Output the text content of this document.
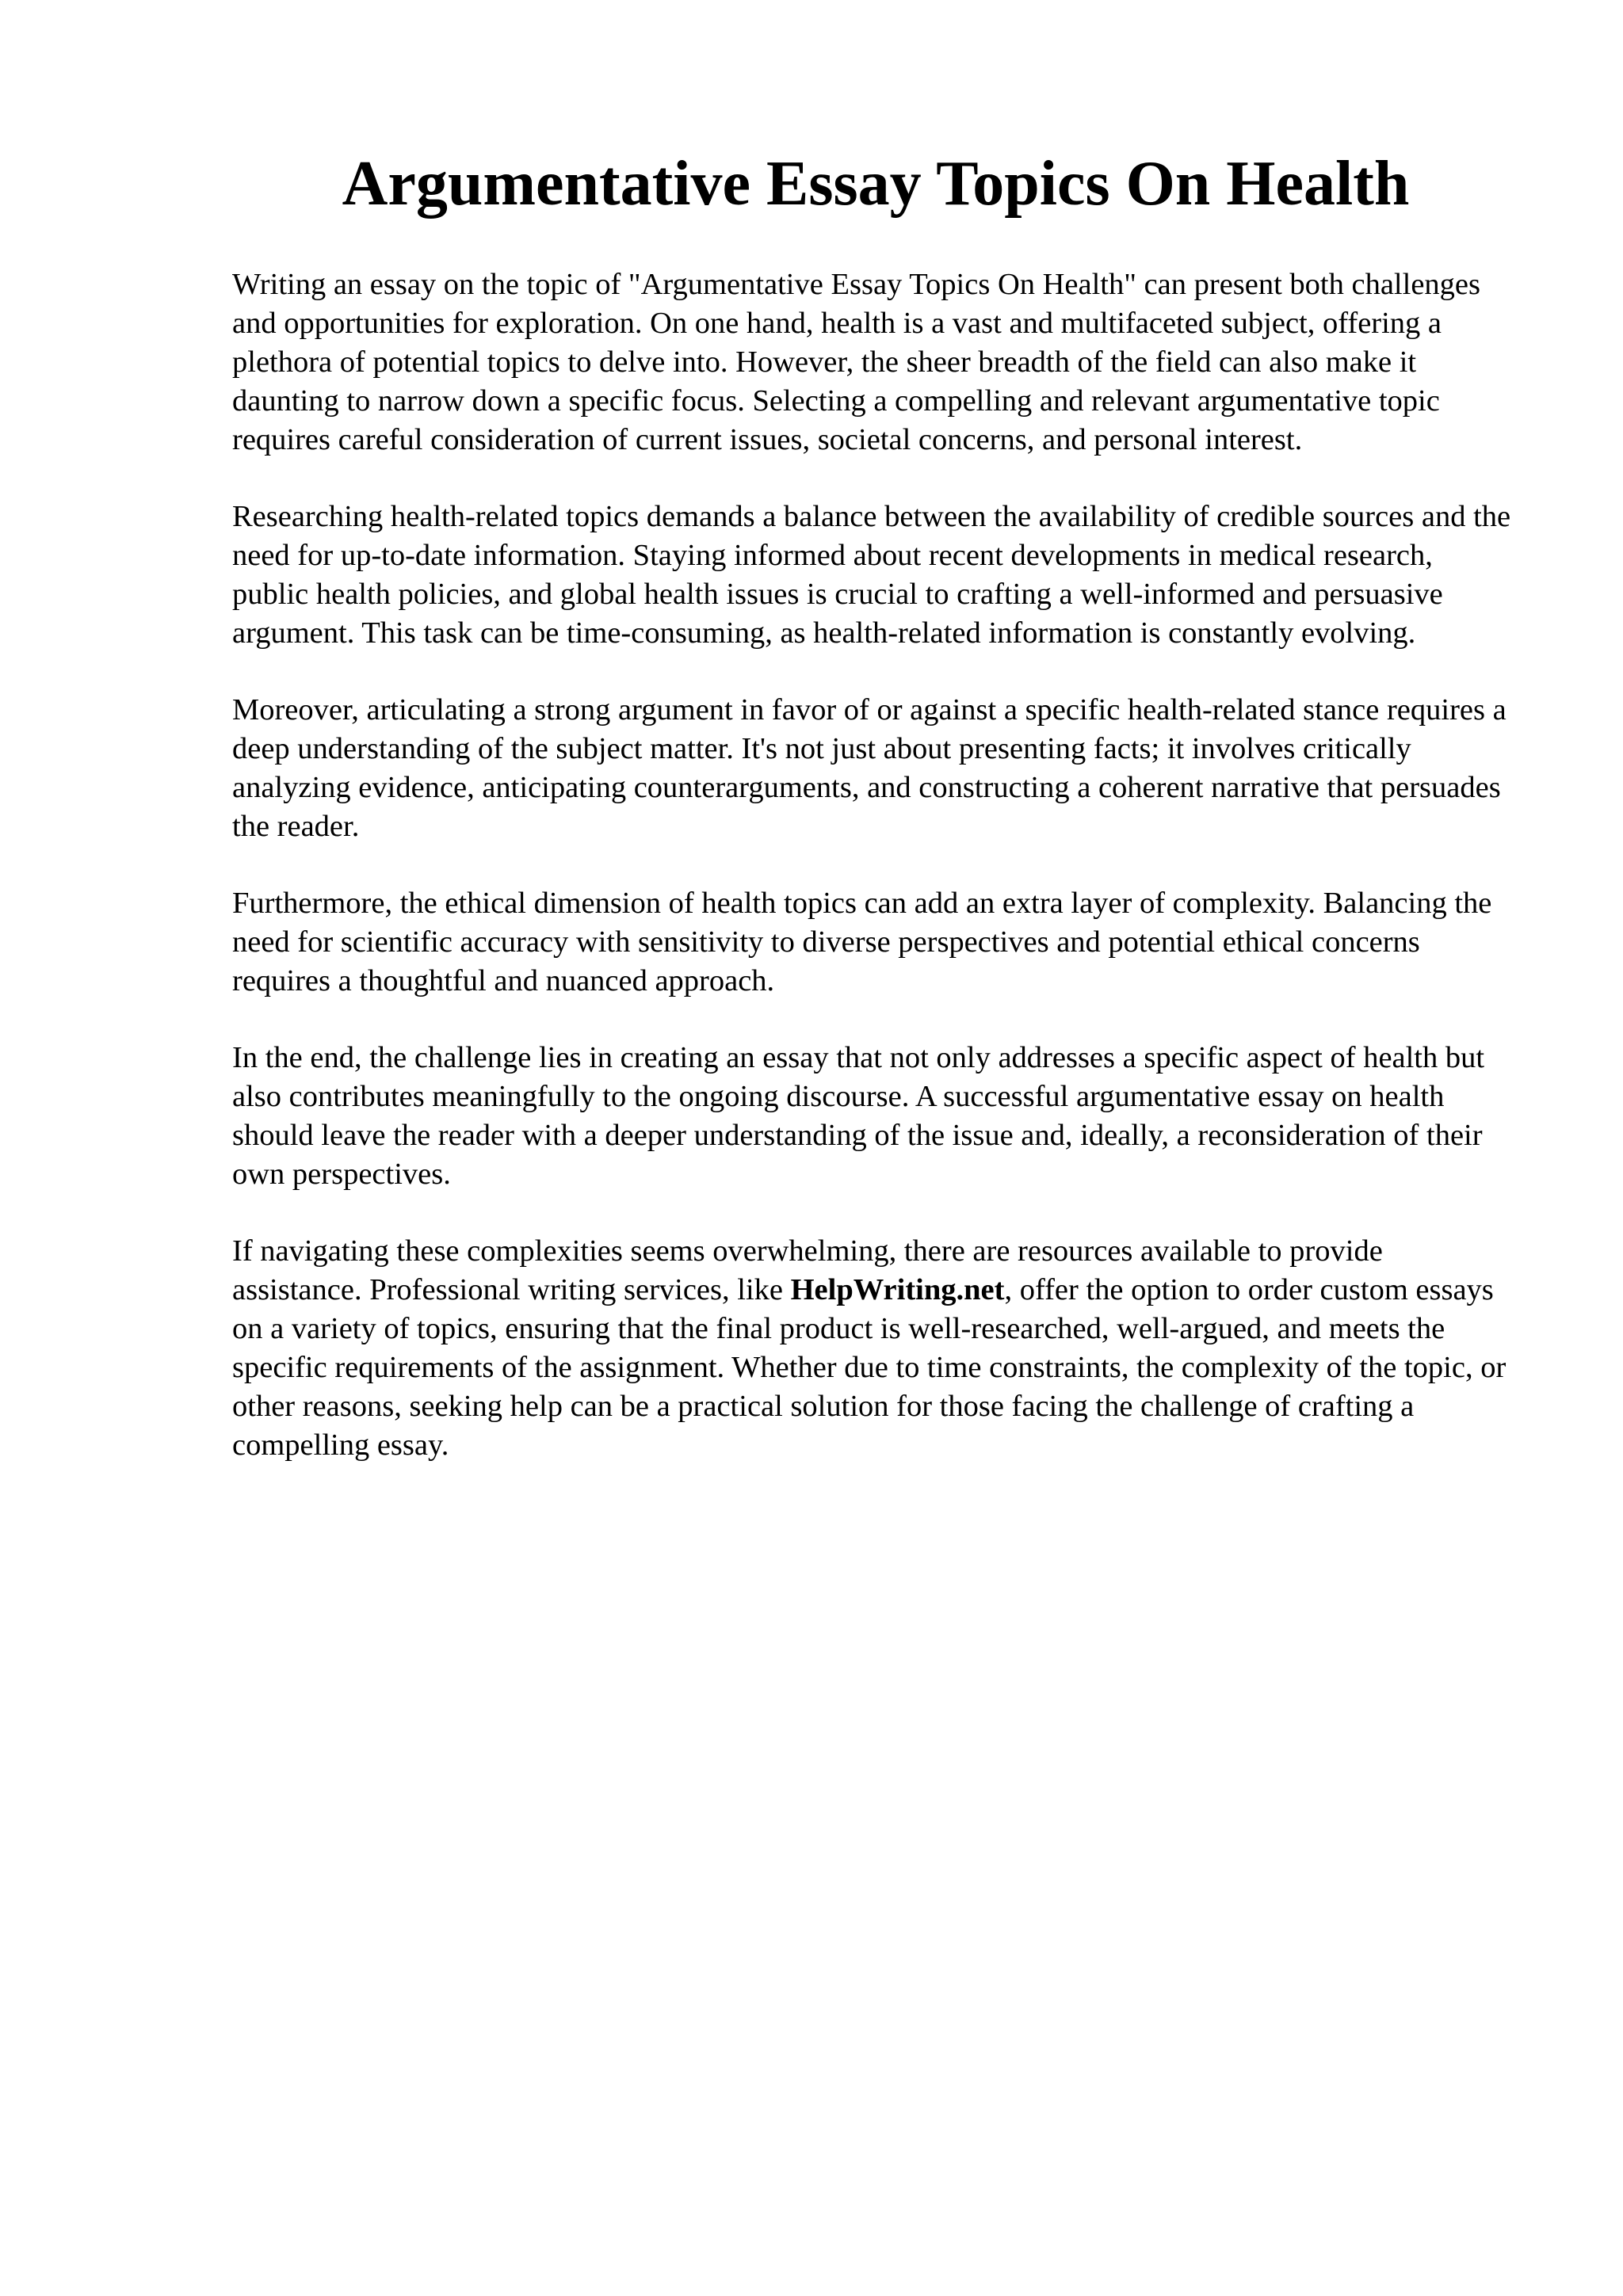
Argumentative Essay Topics On Health

Writing an essay on the topic of "Argumentative Essay Topics On Health" can present both challenges and opportunities for exploration. On one hand, health is a vast and multifaceted subject, offering a plethora of potential topics to delve into. However, the sheer breadth of the field can also make it daunting to narrow down a specific focus. Selecting a compelling and relevant argumentative topic requires careful consideration of current issues, societal concerns, and personal interest.

Researching health-related topics demands a balance between the availability of credible sources and the need for up-to-date information. Staying informed about recent developments in medical research, public health policies, and global health issues is crucial to crafting a well-informed and persuasive argument. This task can be time-consuming, as health-related information is constantly evolving.

Moreover, articulating a strong argument in favor of or against a specific health-related stance requires a deep understanding of the subject matter. It's not just about presenting facts; it involves critically analyzing evidence, anticipating counterarguments, and constructing a coherent narrative that persuades the reader.

Furthermore, the ethical dimension of health topics can add an extra layer of complexity. Balancing the need for scientific accuracy with sensitivity to diverse perspectives and potential ethical concerns requires a thoughtful and nuanced approach.

In the end, the challenge lies in creating an essay that not only addresses a specific aspect of health but also contributes meaningfully to the ongoing discourse. A successful argumentative essay on health should leave the reader with a deeper understanding of the issue and, ideally, a reconsideration of their own perspectives.

If navigating these complexities seems overwhelming, there are resources available to provide assistance. Professional writing services, like HelpWriting.net, offer the option to order custom essays on a variety of topics, ensuring that the final product is well-researched, well-argued, and meets the specific requirements of the assignment. Whether due to time constraints, the complexity of the topic, or other reasons, seeking help can be a practical solution for those facing the challenge of crafting a compelling essay.
